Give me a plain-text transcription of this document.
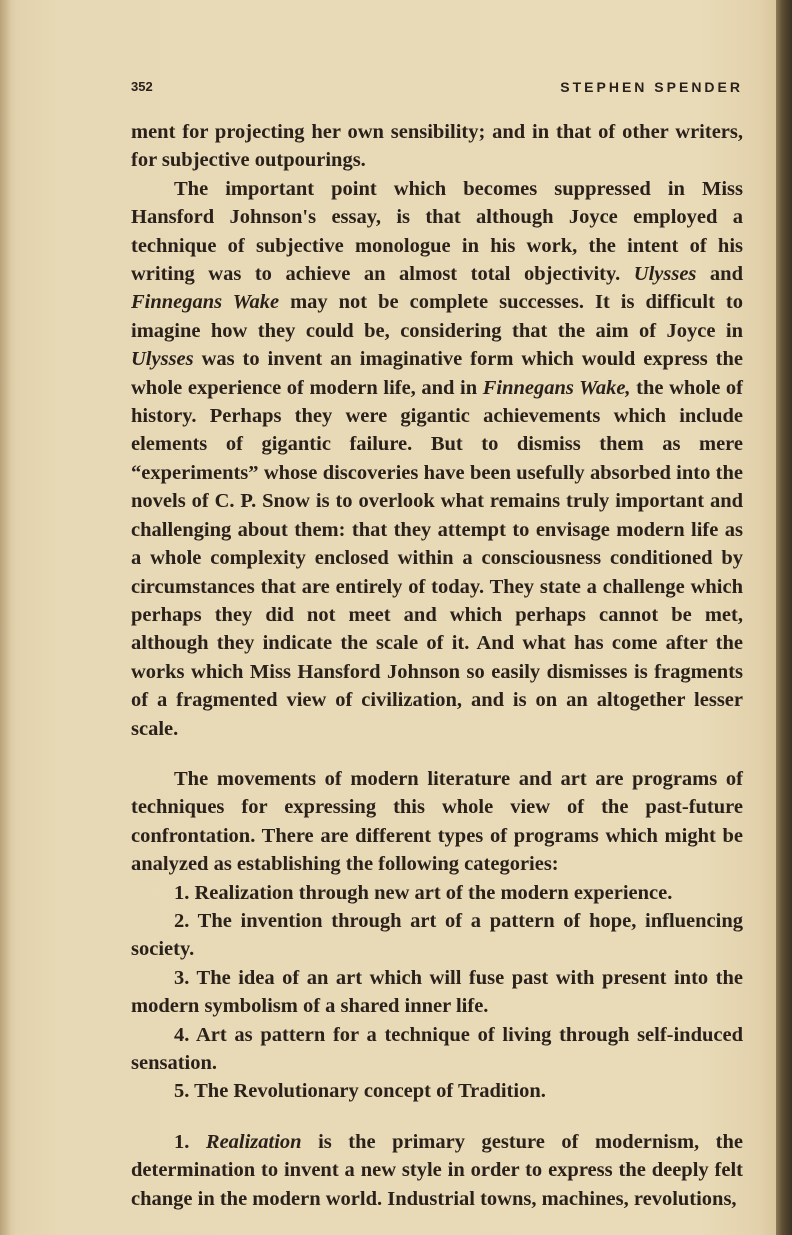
352	STEPHEN SPENDER

ment for projecting her own sensibility; and in that of other writers, for subjective outpourings.

The important point which becomes suppressed in Miss Hansford Johnson's essay, is that although Joyce employed a technique of subjective monologue in his work, the intent of his writing was to achieve an almost total objectivity. Ulysses and Finnegans Wake may not be complete successes. It is difficult to imagine how they could be, considering that the aim of Joyce in Ulysses was to invent an imaginative form which would express the whole experience of modern life, and in Finnegans Wake, the whole of history. Perhaps they were gigantic achievements which include elements of gigantic failure. But to dismiss them as mere “experiments” whose discoveries have been usefully absorbed into the novels of C. P. Snow is to overlook what remains truly important and challenging about them: that they attempt to envisage modern life as a whole complexity enclosed within a consciousness conditioned by circumstances that are entirely of today. They state a challenge which perhaps they did not meet and which perhaps cannot be met, although they indicate the scale of it. And what has come after the works which Miss Hansford Johnson so easily dismisses is fragments of a fragmented view of civilization, and is on an altogether lesser scale.

The movements of modern literature and art are programs of techniques for expressing this whole view of the past-future confrontation. There are different types of programs which might be analyzed as establishing the following categories:

1. Realization through new art of the modern experience.

2. The invention through art of a pattern of hope, influencing society.

3. The idea of an art which will fuse past with present into the modern symbolism of a shared inner life.

4. Art as pattern for a technique of living through self-induced sensation.

5. The Revolutionary concept of Tradition.

1. Realization is the primary gesture of modernism, the determination to invent a new style in order to express the deeply felt change in the modern world. Industrial towns, machines, revolutions,
